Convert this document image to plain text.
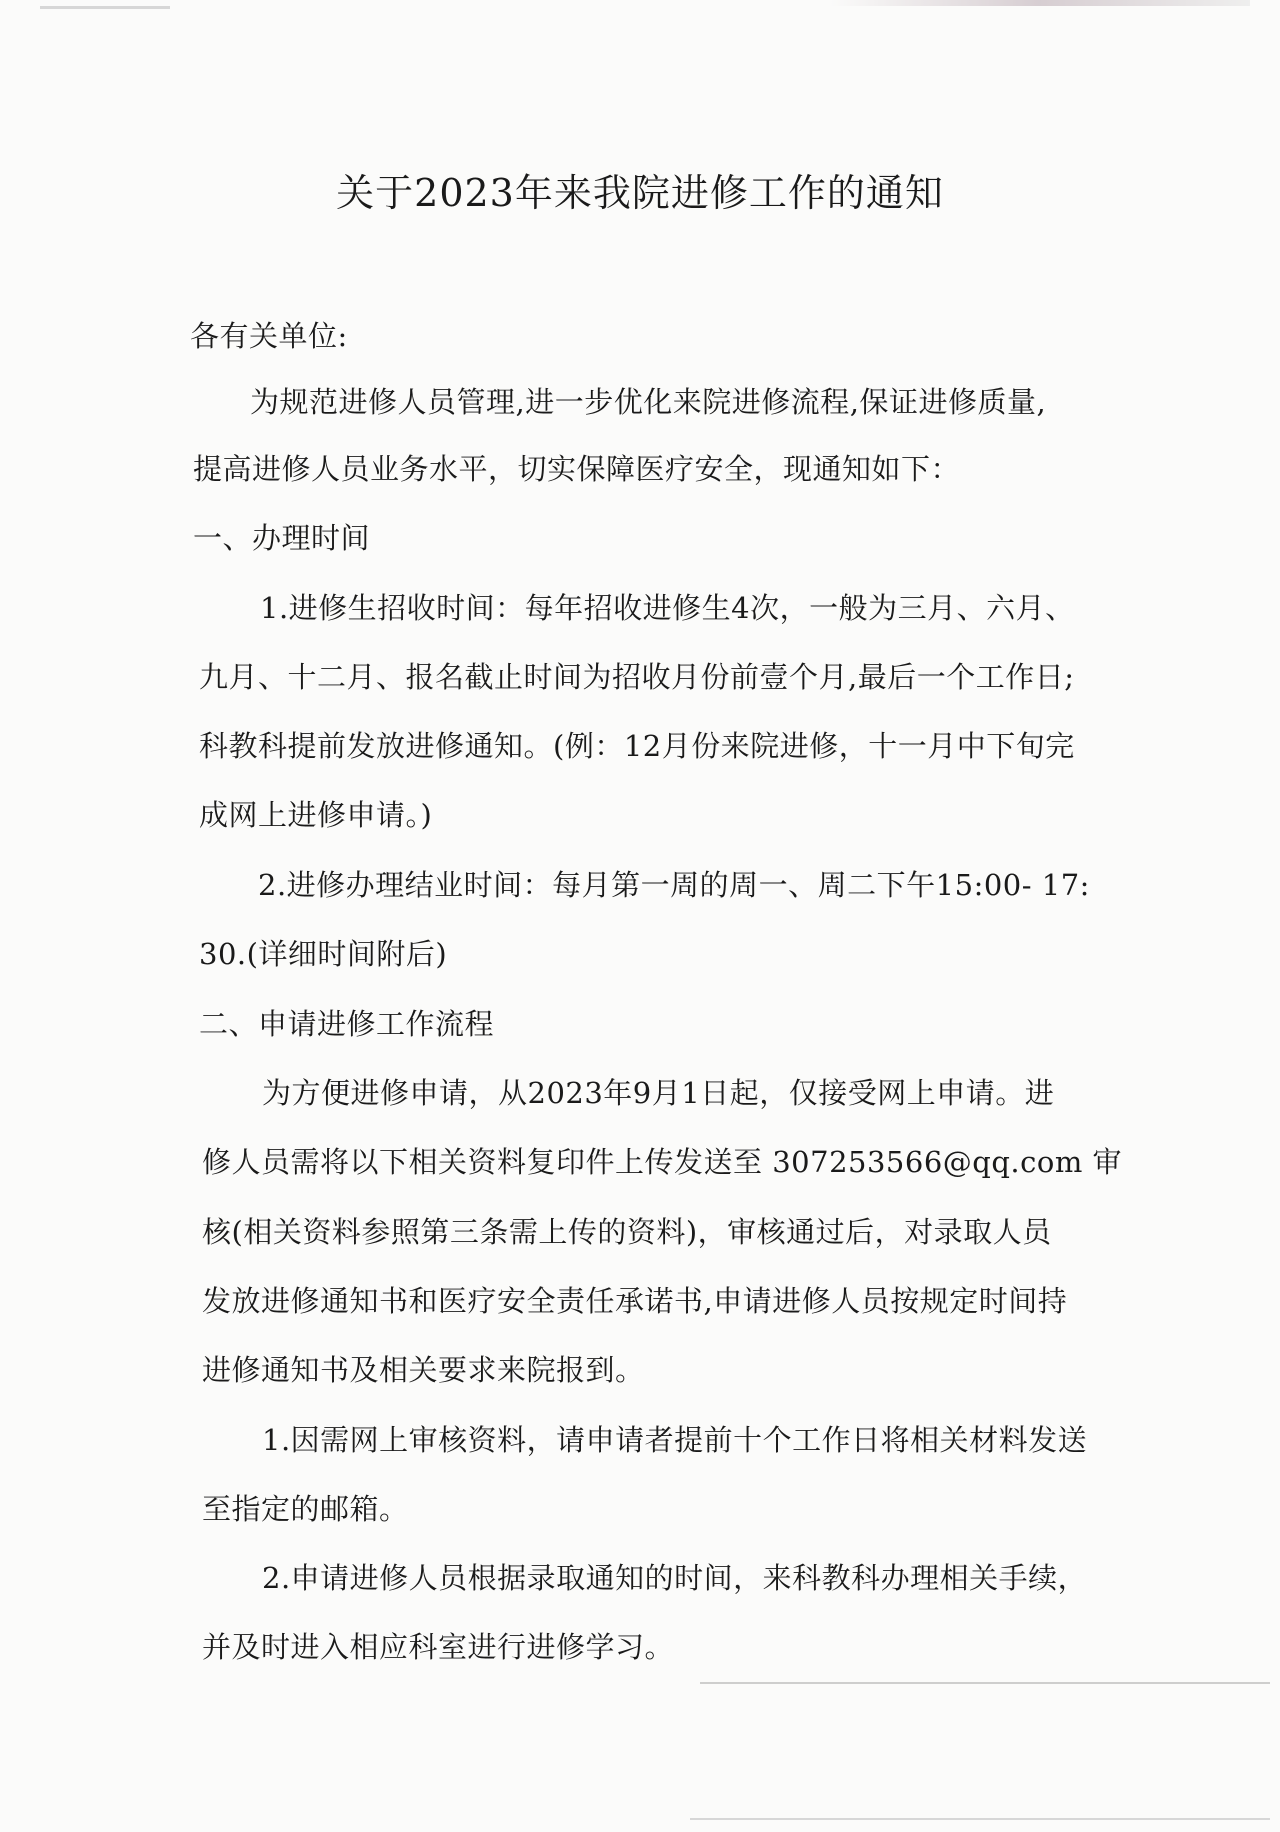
关于2023年来我院进修工作的通知
各有关单位:
为规范进修人员管理,进一步优化来院进修流程,保证进修质量,
提高进修人员业务水平，切实保障医疗安全，现通知如下：
一、办理时间
1.进修生招收时间：每年招收进修生4次，一般为三月、六月、
九月、十二月、报名截止时间为招收月份前壹个月,最后一个工作日;
科教科提前发放进修通知。(例：12月份来院进修，十一月中下旬完
成网上进修申请。)
2.进修办理结业时间：每月第一周的周一、周二下午15:00- 17:
30.(详细时间附后)
二、申请进修工作流程
为方便进修申请，从2023年9月1日起，仅接受网上申请。进
修人员需将以下相关资料复印件上传发送至 307253566@qq.com 审
核(相关资料参照第三条需上传的资料)，审核通过后，对录取人员
发放进修通知书和医疗安全责任承诺书,申请进修人员按规定时间持
进修通知书及相关要求来院报到。
1.因需网上审核资料，请申请者提前十个工作日将相关材料发送
至指定的邮箱。
2.申请进修人员根据录取通知的时间，来科教科办理相关手续，
并及时进入相应科室进行进修学习。
